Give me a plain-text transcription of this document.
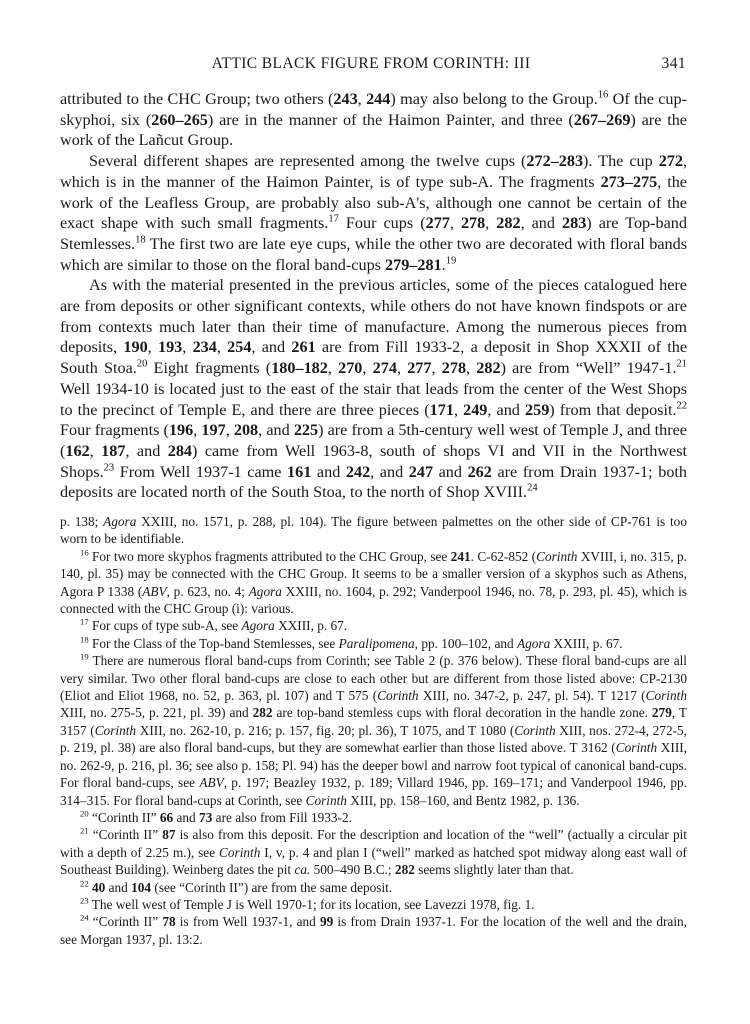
ATTIC BLACK FIGURE FROM CORINTH: III	341

attributed to the CHC Group; two others (243, 244) may also belong to the Group.$^{16}$ Of the cup-skyphoi, six (260–265) are in the manner of the Haimon Painter, and three (267–269) are the work of the Lañcut Group.

Several different shapes are represented among the twelve cups (272–283). The cup 272, which is in the manner of the Haimon Painter, is of type sub-A. The fragments 273–275, the work of the Leafless Group, are probably also sub-A's, although one cannot be certain of the exact shape with such small fragments.$^{17}$ Four cups (277, 278, 282, and 283) are Top-band Stemlesses.$^{18}$ The first two are late eye cups, while the other two are decorated with floral bands which are similar to those on the floral band-cups 279–281.19

As with the material presented in the previous articles, some of the pieces catalogued here are from deposits or other significant contexts, while others do not have known findspots or are from contexts much later than their time of manufacture. Among the numerous pieces from deposits, 190, 193, 234, 254, and 261 are from Fill 1933-2, a deposit in Shop XXXII of the South Stoa.$^{20}$ Eight fragments (180–182, 270, 274, 277, 278, 282) are from “Well” 1947-1.21 Well 1934-10 is located just to the east of the stair that leads from the center of the West Shops to the precinct of Temple E, and there are three pieces (171, 249, and 259) from that deposit.$^{22}$ Four fragments (196, 197, 208, and 225) are from a 5th-century well west of Temple J, and three (162, 187, and 284) came from Well 1963-8, south of shops VI and VII in the Northwest Shops.$^{23}$ From Well 1937-1 came 161 and 242, and 247 and 262 are from Drain 1937-1; both deposits are located north of the South Stoa, to the north of Shop XVIII.$^{24}$

p. 138; Agora XXIII, no. 1571, p. 288, pl. 104). The figure between palmettes on the other side of CP-761 is too worn to be identifiable.

$^{16}$ For two more skyphos fragments attributed to the CHC Group, see 241. C-62-852 (Corinth XVIII, i, no. 315, p. 140, pl. 35) may be connected with the CHC Group. It seems to be a smaller version of a skyphos such as Athens, Agora P 1338 (ABV, p. 623, no. 4; Agora XXIII, no. 1604, p. 292; Vanderpool 1946, no. 78, p. 293, pl. 45), which is connected with the CHC Group (i): various.

$^{17}$ For cups of type sub-A, see Agora XXIII, p. 67.

$^{18}$ For the Class of the Top-band Stemlesses, see Paralipomena, pp. 100–102, and Agora XXIII, p. 67.

$^{19}$ There are numerous floral band-cups from Corinth; see Table 2 (p. 376 below). These floral band-cups are all very similar. Two other floral band-cups are close to each other but are different from those listed above: CP-2130 (Eliot and Eliot 1968, no. 52, p. 363, pl. 107) and T 575 (Corinth XIII, no. 347-2, p. 247, pl. 54). T 1217 (Corinth XIII, no. 275-5, p. 221, pl. 39) and 282 are top-band stemless cups with floral decoration in the handle zone. 279, T 3157 (Corinth XIII, no. 262-10, p. 216; p. 157, fig. 20; pl. 36), T 1075, and T 1080 (Corinth XIII, nos. 272-4, 272-5, p. 219, pl. 38) are also floral band-cups, but they are somewhat earlier than those listed above. T 3162 (Corinth XIII, no. 262-9, p. 216, pl. 36; see also p. 158; Pl. 94) has the deeper bowl and narrow foot typical of canonical band-cups. For floral band-cups, see ABV, p. 197; Beazley 1932, p. 189; Villard 1946, pp. 169–171; and Vanderpool 1946, pp. 314–315. For floral band-cups at Corinth, see Corinth XIII, pp. 158–160, and Bentz 1982, p. 136.

$^{20}$ “Corinth II” 66 and 73 are also from Fill 1933-2.

$^{21}$ “Corinth II” 87 is also from this deposit. For the description and location of the “well” (actually a circular pit with a depth of 2.25 m.), see Corinth I, v, p. 4 and plan I (“well” marked as hatched spot midway along east wall of Southeast Building). Weinberg dates the pit ca. 500–490 B.C.; 282 seems slightly later than that.

$^{22}$ 40 and 104 (see “Corinth II”) are from the same deposit.

$^{23}$ The well west of Temple J is Well 1970-1; for its location, see Lavezzi 1978, fig. 1.

$^{24}$ “Corinth II” 78 is from Well 1937-1, and 99 is from Drain 1937-1. For the location of the well and the drain, see Morgan 1937, pl. 13:2.
